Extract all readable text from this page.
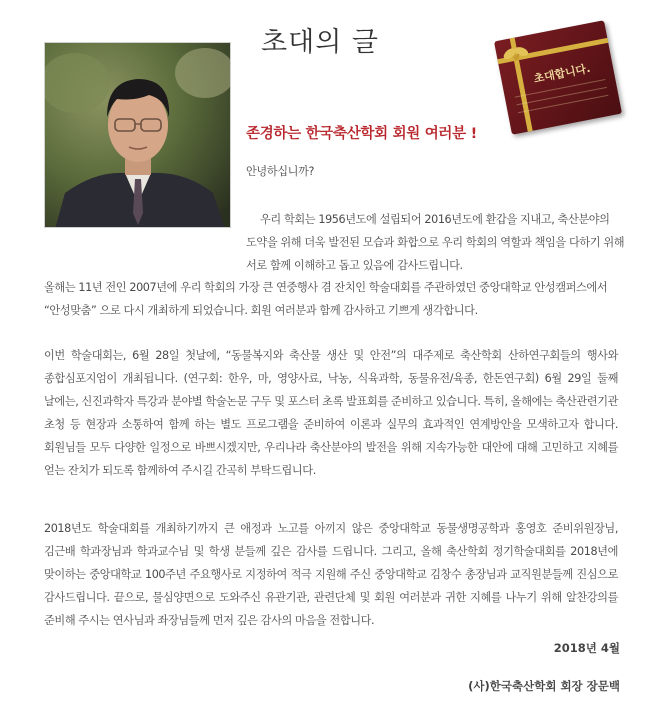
초대의 글
초대합니다.
존경하는 한국축산학회 회원 여러분 !
안녕하십니까?
우리 학회는 1956년도에 설립되어 2016년도에 환갑을 지내고, 축산분야의 도약을 위해 더욱 발전된 모습과 화합으로 우리 학회의 역할과 책임을 다하기 위해 서로 함께 이해하고 돕고 있음에 감사드립니다.
올해는 11년 전인 2007년에 우리 학회의 가장 큰 연중행사 겸 잔치인 학술대회를 주관하였던 중앙대학교 안성캠퍼스에서 “안성맞춤” 으로 다시 개최하게 되었습니다. 회원 여러분과 함께 감사하고 기쁘게 생각합니다.
이번 학술대회는, 6월 28일 첫날에, “동물복지와 축산물 생산 및 안전”의 대주제로 축산학회 산하연구회들의 행사와 종합심포지엄이 개최됩니다. (연구회: 한우, 마, 영양사료, 낙농, 식육과학, 동물유전/육종, 한돈연구회) 6월 29일 둘째 날에는, 신진과학자 특강과 분야별 학술논문 구두 및 포스터 초록 발표회를 준비하고 있습니다. 특히, 올해에는 축산관련기관 초청 등 현장과 소통하여 함께 하는 별도 프로그램을 준비하여 이론과 실무의 효과적인 연계방안을 모색하고자 합니다. 회원님들 모두 다양한 일정으로 바쁘시겠지만, 우리나라 축산분야의 발전을 위해 지속가능한 대안에 대해 고민하고 지혜를 얻는 잔치가 되도록 함께하여 주시길 간곡히 부탁드립니다.
2018년도 학술대회를 개최하기까지 큰 애정과 노고를 아끼지 않은 중앙대학교 동물생명공학과 홍영호 준비위원장님, 김근배 학과장님과 학과교수님 및 학생 분들께 깊은 감사를 드립니다. 그리고, 올해 축산학회 정기학술대회를 2018년에 맞이하는 중앙대학교 100주년 주요행사로 지정하여 적극 지원해 주신 중앙대학교 김창수 총장님과 교직원분들께 진심으로 감사드립니다. 끝으로, 물심양면으로 도와주신 유관기관, 관련단체 및 회원 여러분과 귀한 지혜를 나누기 위해 알찬강의를 준비해 주시는 연사님과 좌장님들께 먼저 깊은 감사의 마음을 전합니다.
2018년 4월
(사)한국축산학회 회장 장문백
